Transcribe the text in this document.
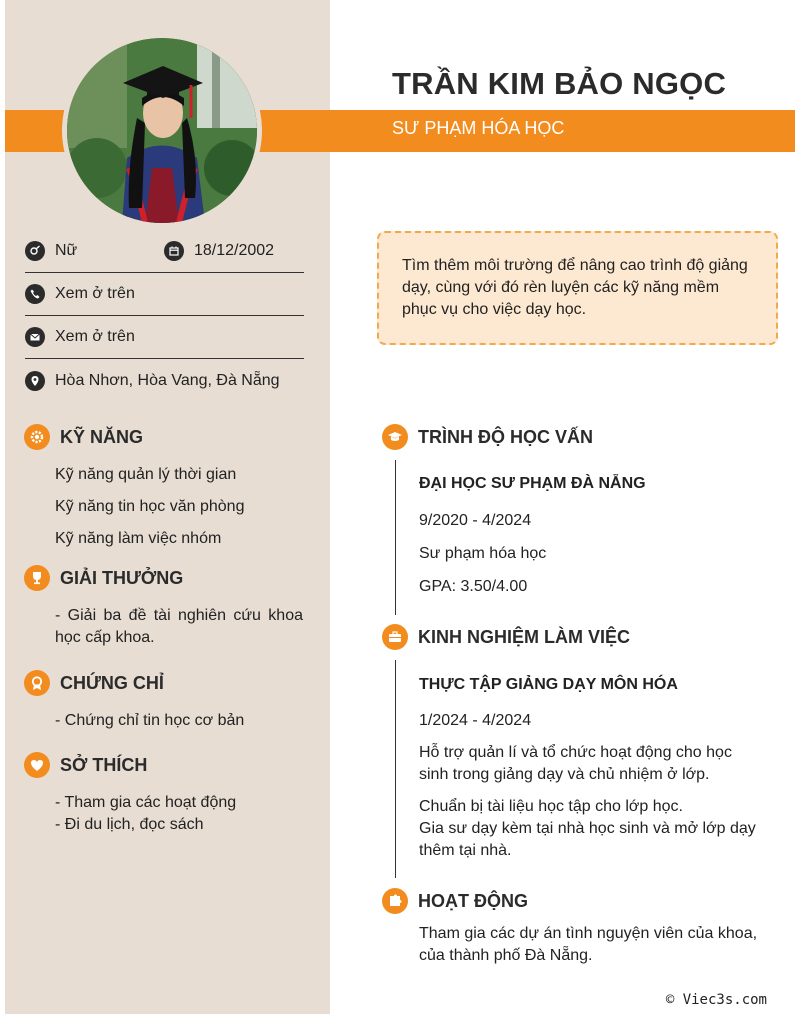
TRẦN KIM BẢO NGỌC
SƯ PHẠM HÓA HỌC
Nữ	18/12/2002
Xem ở trên
Xem ở trên
Hòa Nhơn, Hòa Vang, Đà Nẵng
KỸ NĂNG
Kỹ năng quản lý thời gian
Kỹ năng tin học văn phòng
Kỹ năng làm việc nhóm
GIẢI THƯỞNG
- Giải ba đề tài nghiên cứu khoa
học cấp khoa.
CHỨNG CHỈ
- Chứng chỉ tin học cơ bản
SỞ THÍCH
- Tham gia các hoạt động
- Đi du lịch, đọc sách
Tìm thêm môi trường để nâng cao trình độ giảng dạy, cùng với đó rèn luyện các kỹ năng mềm phục vụ cho việc dạy học.
TRÌNH ĐỘ HỌC VẤN
ĐẠI HỌC SƯ PHẠM ĐÀ NẴNG
9/2020 - 4/2024
Sư phạm hóa học
GPA: 3.50/4.00
KINH NGHIỆM LÀM VIỆC
THỰC TẬP GIẢNG DẠY MÔN HÓA
1/2024 - 4/2024
Hỗ trợ quản lí và tổ chức hoạt động cho học
sinh trong giảng dạy và chủ nhiệm ở lớp.
Chuẩn bị tài liệu học tập cho lớp học.
Gia sư dạy kèm tại nhà học sinh và mở lớp dạy
thêm tại nhà.
HOẠT ĐỘNG
Tham gia các dự án tình nguyện viên của khoa,
của thành phố Đà Nẵng.
© Viec3s.com
